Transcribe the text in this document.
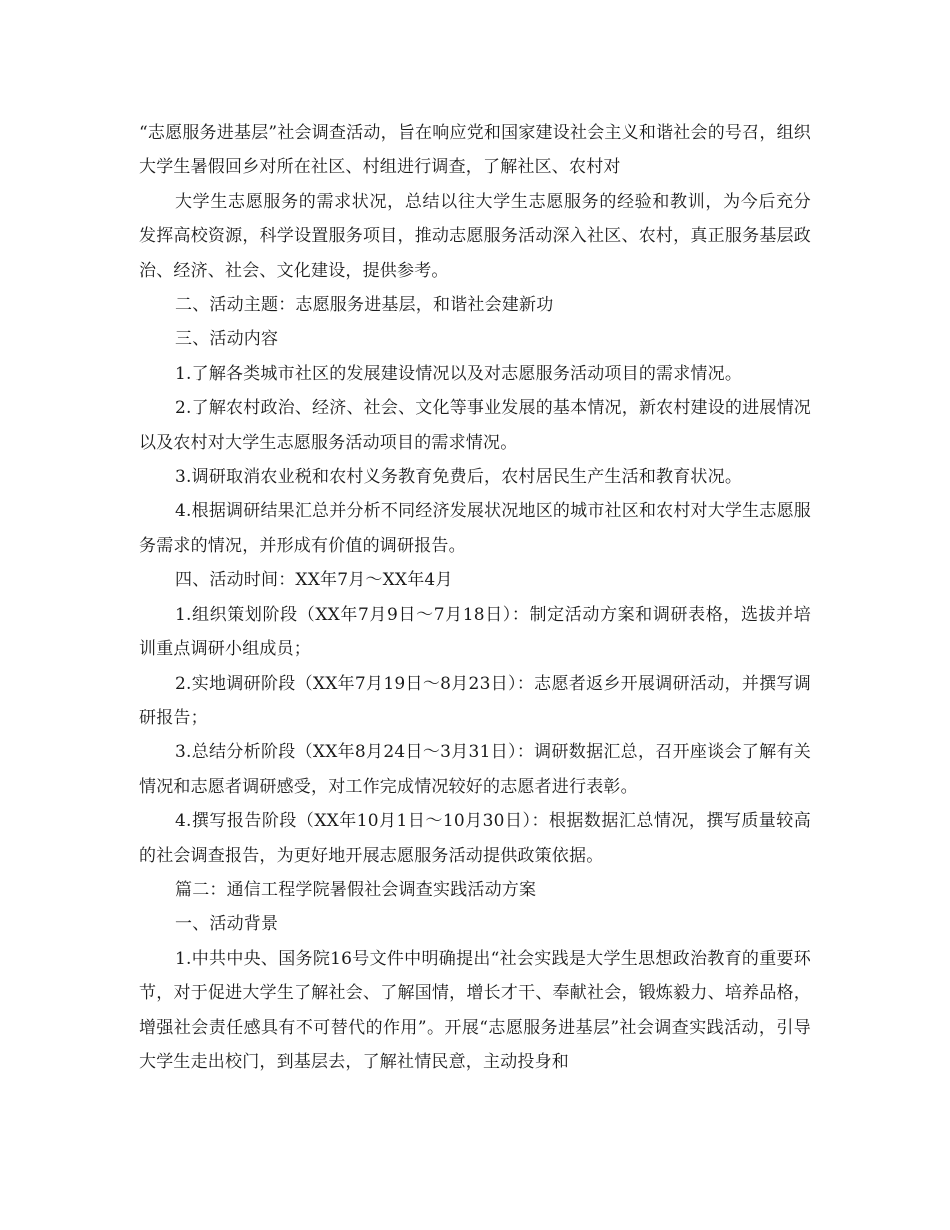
“志愿服务进基层”社会调查活动，旨在响应党和国家建设社会主义和谐社会的号召，组织大学生暑假回乡对所在社区、村组进行调查，了解社区、农村对

大学生志愿服务的需求状况，总结以往大学生志愿服务的经验和教训，为今后充分发挥高校资源，科学设置服务项目，推动志愿服务活动深入社区、农村，真正服务基层政治、经济、社会、文化建设，提供参考。

二、活动主题：志愿服务进基层，和谐社会建新功

三、活动内容

1.了解各类城市社区的发展建设情况以及对志愿服务活动项目的需求情况。

2.了解农村政治、经济、社会、文化等事业发展的基本情况，新农村建设的进展情况以及农村对大学生志愿服务活动项目的需求情况。

3.调研取消农业税和农村义务教育免费后，农村居民生产生活和教育状况。

4.根据调研结果汇总并分析不同经济发展状况地区的城市社区和农村对大学生志愿服务需求的情况，并形成有价值的调研报告。

四、活动时间：XX年7月～XX年4月

1.组织策划阶段（XX年7月9日～7月18日）：制定活动方案和调研表格，选拔并培训重点调研小组成员；

2.实地调研阶段（XX年7月19日～8月23日）：志愿者返乡开展调研活动，并撰写调研报告；

3.总结分析阶段（XX年8月24日～3月31日）：调研数据汇总，召开座谈会了解有关情况和志愿者调研感受，对工作完成情况较好的志愿者进行表彰。

4.撰写报告阶段（XX年10月1日～10月30日）：根据数据汇总情况，撰写质量较高的社会调查报告，为更好地开展志愿服务活动提供政策依据。

篇二：通信工程学院暑假社会调查实践活动方案

一、活动背景

1.中共中央、国务院16号文件中明确提出“社会实践是大学生思想政治教育的重要环节，对于促进大学生了解社会、了解国情，增长才干、奉献社会，锻炼毅力、培养品格，增强社会责任感具有不可替代的作用”。开展“志愿服务进基层”社会调查实践活动，引导大学生走出校门，到基层去，了解社情民意，主动投身和
